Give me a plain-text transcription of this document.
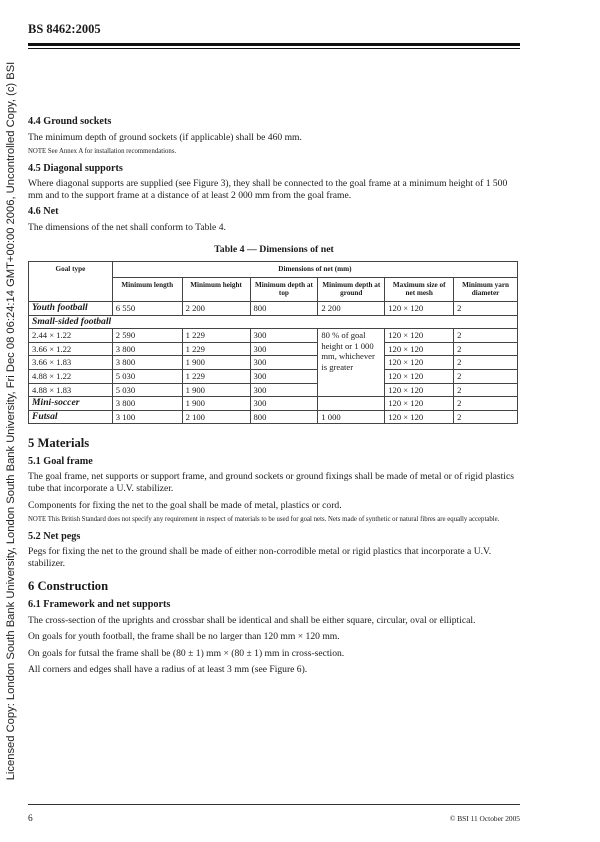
Licensed Copy: London South Bank University, London South Bank University, Fri Dec 08 06:24:14 GMT+00:00 2006, Uncontrolled Copy, (c) BSI
BS 8462:2005
4.4 Ground sockets

The minimum depth of ground sockets (if applicable) shall be 460 mm.

NOTE See Annex A for installation recommendations.

4.5 Diagonal supports

Where diagonal supports are supplied (see Figure 3), they shall be connected to the goal frame at a minimum height of 1 500 mm and to the support frame at a distance of at least 2 000 mm from the goal frame.

4.6 Net

The dimensions of the net shall conform to Table 4.

Table 4 — Dimensions of net
Goal type	Dimensions of net (mm)					
	Minimum length	Minimum height	Minimum depth at top	Minimum depth at ground	Maximum size of net mesh	Minimum yarn diameter
Youth football	6 550	2 200	800	2 200	120 × 120	2
Small-sided football						
2.44 × 1.22	2 590	1 229	300	80 % of goal height or 1 000 mm, whichever is greater	120 × 120	2
3.66 × 1.22	3 800	1 229	300		120 × 120	2
3.66 × 1.83	3 800	1 900	300		120 × 120	2
4.88 × 1.22	5 030	1 229	300		120 × 120	2
4.88 × 1.83	5 030	1 900	300		120 × 120	2
Mini-soccer	3 800	1 900	300		120 × 120	2
Futsal	3 100	2 100	800	1 000	120 × 120	2
5 Materials
5.1 Goal frame

The goal frame, net supports or support frame, and ground sockets or ground fixings shall be made of metal or of rigid plastics tube that incorporate a U.V. stabilizer.

Components for fixing the net to the goal shall be made of metal, plastics or cord.

NOTE This British Standard does not specify any requirement in respect of materials to be used for goal nets. Nets made of synthetic or natural fibres are equally acceptable.

5.2 Net pegs

Pegs for fixing the net to the ground shall be made of either non-corrodible metal or rigid plastics that incorporate a U.V. stabilizer.

6 Construction
6.1 Framework and net supports

The cross-section of the uprights and crossbar shall be identical and shall be either square, circular, oval or elliptical.

On goals for youth football, the frame shall be no larger than 120 mm × 120 mm.

On goals for futsal the frame shall be (80 ± 1) mm × (80 ± 1) mm in cross-section.

All corners and edges shall have a radius of at least 3 mm (see Figure 6).

6	© BSI 11 October 2005
